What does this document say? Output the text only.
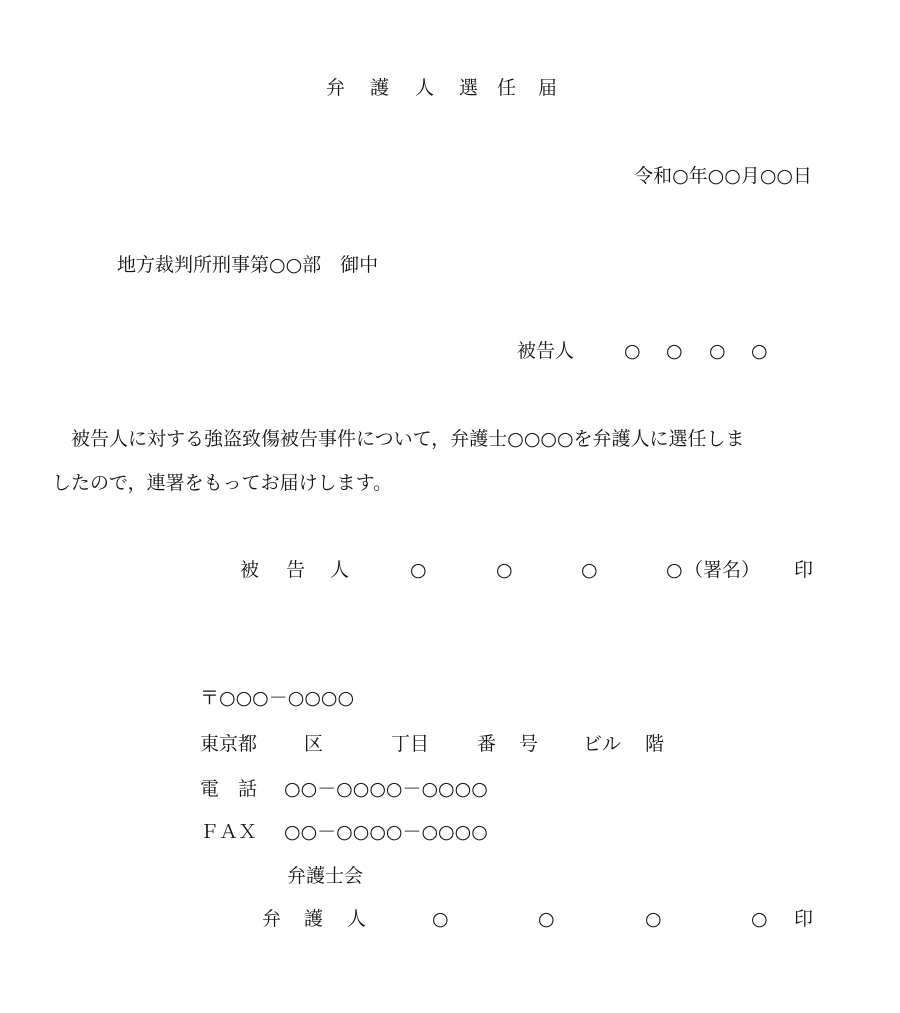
弁 護 人 選 任 届
令和○年○○月○○日
地方裁判所刑事第○○部　御中
被告人	○ ○ ○ ○
被告人に対する強盗致傷被告事件について，弁護士○○○○を弁護人に選任しま
したので，連署をもってお届けします。
被 告 人	○	○	○	○ （署名） 印
〒○○○－○○○○
東京都 区	丁目	番 号 ビル 階
電　話 ○○－○○○○－○○○○
ＦＡＸ ○○－○○○○－○○○○
弁護士会
弁 護 人	○	○	○	○ 印
